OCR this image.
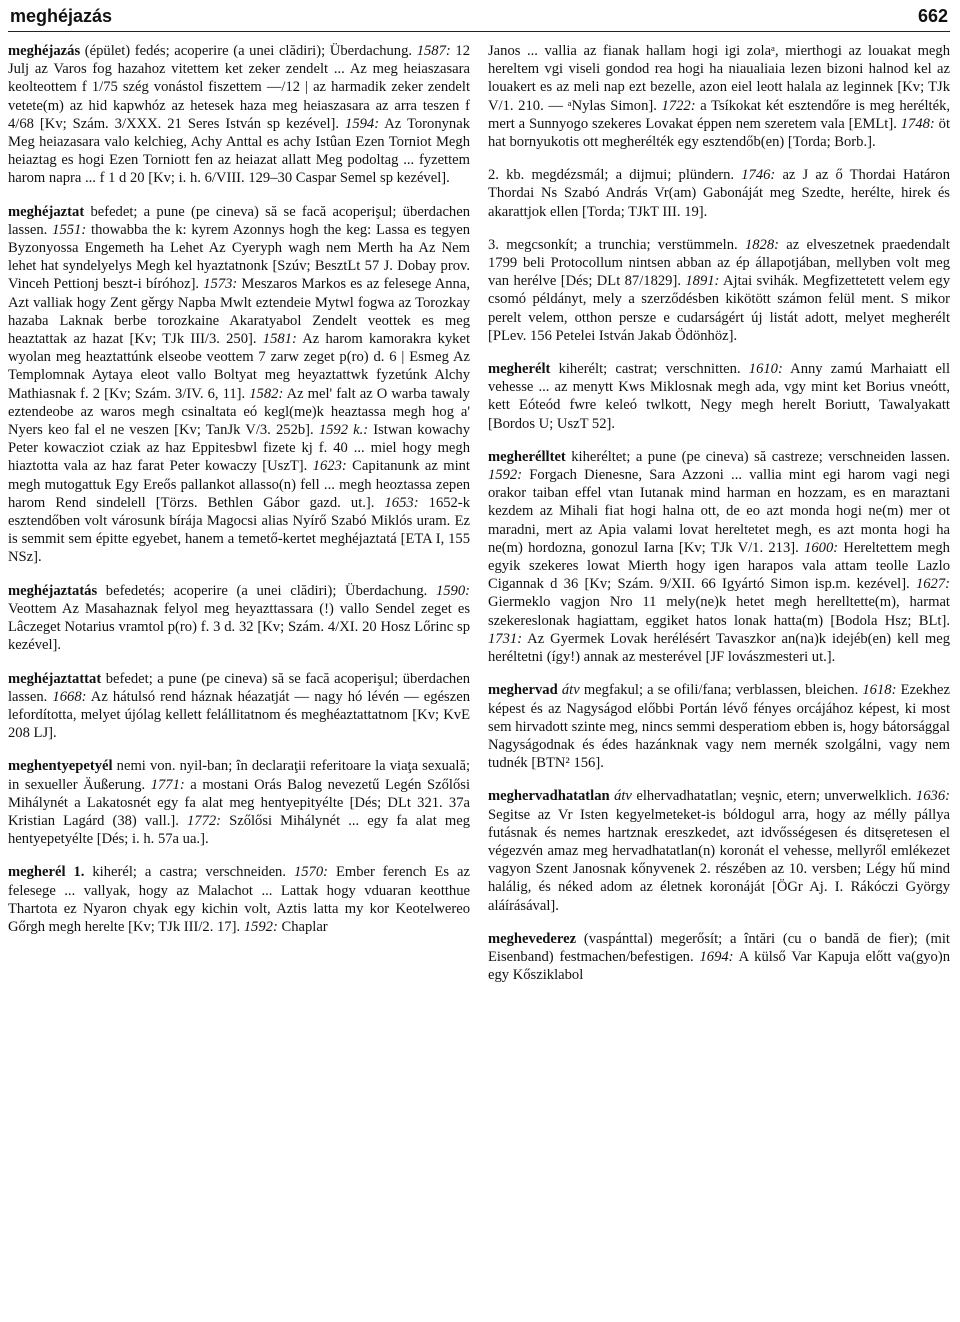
meghéjazás	662
meghéjazás (épület) fedés; acoperire (a unei clădiri); Überdachung. 1587: 12 Julj az Varos fog hazahoz vitettem ket zeker zendelt ... Az meg heiaszasara keolteottem f 1/75 szég vonástol fiszettem —/12 | az harmadik zeker zendelt vetete(m) az hid kapwhóz az hetesek haza meg heiaszasara az arra teszen f 4/68 [Kv; Szám. 3/XXX. 21 Seres István sp kezével]. 1594: Az Toronynak Meg heiazasara valo kelchieg, Achy Anttal es achy Istûan Ezen Torniot Megh heiaztag es hogi Ezen Torniott fen az heiazat allatt Meg podoltag ... fyzettem harom napra ... f 1 d 20 [Kv; i. h. 6/VIII. 129–30 Caspar Semel sp kezével].
meghéjaztat befedet; a pune (pe cineva) să se facă acoperişul; überdachen lassen. 1551: thowabba the k: kyrem Azonnys hogh the keg: Lassa es tegyen Byzonyossa Engemeth ha Lehet Az Cyeryph wagh nem Merth ha Az Nem lehet hat syndelyelys Megh kel hyaztatnonk [Szúv; BesztLt 57 J. Dobay prov. Vinceh Pettionj beszt-i bíróhoz]. 1573: Meszaros Markos es az felesege Anna, Azt valliak hogy Zent gěrgy Napba Mwlt eztendeie Mytwl fogwa az Torozkay hazaba Laknak berbe torozkaine Akaratyabol Zendelt veottek es meg heaztattak az hazat [Kv; TJk III/3. 250]. 1581: Az harom kamorakra kyket wyolan meg heaztattúnk elseobe veottem 7 zarw zeget p(ro) d. 6 | Esmeg Az Templomnak Aytaya eleot vallo Boltyat meg heyaztattwk fyzetúnk Alchy Mathiasnak f. 2 [Kv; Szám. 3/IV. 6, 11]. 1582: Az mel' falt az O warba tawaly eztendeobe az waros megh csinaltata eó kegl(me)k heaztassa megh hog a' Nyers keo fal el ne veszen [Kv; TanJk V/3. 252b]. 1592 k.: Istwan kowachy Peter kowacziot cziak az haz Eppitesbwl fizete kj f. 40 ... miel hogy megh hiaztotta vala az haz farat Peter kowaczy [UszT]. 1623: Capitanunk az mint megh mutogattuk Egy Ereős pallankot allasso(n) fell ... megh heoztassa zepen harom Rend sindelell [Törzs. Bethlen Gábor gazd. ut.]. 1653: 1652-k esztendőben volt városunk bírája Magocsi alias Nyírő Szabó Miklós uram. Ez is semmit sem épitte egyebet, hanem a temető-kertet meghéjaztatá [ETA I, 155 NSz].
meghéjaztatás befedetés; acoperire (a unei clădiri); Überdachung. 1590: Veottem Az Masahaznak felyol meg heyazttassara (!) vallo Sendel zeget es Lâczeget Notarius vramtol p(ro) f. 3 d. 32 [Kv; Szám. 4/XI. 20 Hosz Lőrinc sp kezével].
meghéjaztattat befedet; a pune (pe cineva) să se facă acoperişul; überdachen lassen. 1668: Az hátulsó rend háznak héazatját — nagy hó lévén — egészen lefordította, melyet újólag kellett felállitatnom és meghéaztattatnom [Kv; KvE 208 LJ].
meghentyepetyél nemi von. nyil-ban; în declaraţii referitoare la viaţa sexuală; in sexueller Äußerung. 1771: a mostani Orás Balog nevezetű Legén Szőlősi Mihálynét a Lakatosnét egy fa alat meg hentyepityélte [Dés; DLt 321. 37a Kristian Lagárd (38) vall.]. 1772: Szőlősi Mihálynét ... egy fa alat meg hentyepetyélte [Dés; i. h. 57a ua.].
megherél 1. kiherél; a castra; verschneiden. 1570: Ember ferench Es az felesege ... vallyak, hogy az Malachot ... Lattak hogy vduaran keotthue Thartota ez Nyaron chyak egy kichin volt, Aztis latta my kor Keotelwereo Gőrgh megh herelte [Kv; TJk III/2. 17]. 1592: Chaplar
Janos ... vallia az fianak hallam hogi igi zolaᵃ, mierthogi az louakat megh hereltem vgi viseli gondod rea hogi ha niaualiaia lezen bizoni halnod kel az louakert es az meli nap ezt bezelle, azon eiel leott halala az leginnek [Kv; TJk V/1. 210. — ᵃNylas Simon]. 1722: a Tsíkokat két esztendőre is meg herélték, mert a Sunnyogo szekeres Lovakat éppen nem szeretem vala [EMLt]. 1748: öt hat bornyukotis ott megherélték egy esztendőb(en) [Torda; Borb.].
2. kb. megdézsmál; a dijmui; plündern. 1746: az J az ő Thordai Határon Thordai Ns Szabó András Vr(am) Gabonáját meg Szedte, herélte, hirek és akarattjok ellen [Torda; TJkT III. 19].
3. megcsonkít; a trunchia; verstümmeln. 1828: az elveszetnek praedendalt 1799 beli Protocollum nintsen abban az ép állapotjában, mellyben volt meg van herélve [Dés; DLt 87/1829]. 1891: Ajtai svihák. Megfizettetett velem egy csomó példányt, mely a szerződésben kikötött számon felül ment. S mikor perelt velem, otthon persze e cudarságért új listát adott, melyet megherélt [PLev. 156 Petelei István Jakab Ödönhöz].
megherélt kiherélt; castrat; verschnitten. 1610: Anny zamú Marhaiatt ell vehesse ... az menytt Kws Miklosnak megh ada, vgy mint ket Borius vneótt, kett Eóteód fwre keleó twlkott, Negy megh herelt Boriutt, Tawalyakatt [Bordos U; UszT 52].
megherélltet kiheréltet; a pune (pe cineva) să castreze; verschneiden lassen. 1592: Forgach Dienesne, Sara Azzoni ... vallia mint egi harom vagi negi orakor taiban effel vtan Iutanak mind harman en hozzam, es en maraztani kezdem az Mihali fiat hogi halna ott, de eo azt monda hogi ne(m) mer ot maradni, mert az Apia valami lovat hereltetet megh, es azt monta hogi ha ne(m) hordozna, gonozul Iarna [Kv; TJk V/1. 213]. 1600: Hereltettem megh egyik szekeres lowat Mierth hogy igen harapos vala attam teolle Lazlo Cigannak d 36 [Kv; Szám. 9/XII. 66 Igyártó Simon isp.m. kezével]. 1627: Giermeklo vagjon Nro 11 mely(ne)k hetet megh herelltette(m), harmat szekereslonak hagiattam, eggiket hatos lonak hatta(m) [Bodola Hsz; BLt]. 1731: Az Gyermek Lovak herélésért Tavaszkor an(na)k idejéb(en) kell meg heréltetni (így!) annak az mesterével [JF lovászmesteri ut.].
meghervad átv megfakul; a se ofili/fana; verblassen, bleichen. 1618: Ezekhez képest és az Nagyságod előbbi Portán lévő fényes orcájához képest, ki most sem hirvadott szinte meg, nincs semmi desperatiom ebben is, hogy bátorsággal Nagyságodnak és édes hazánknak vagy nem mernék szolgálni, vagy nem tudnék [BTN² 156].
meghervadhatatlan átv elhervadhatatlan; veşnic, etern; unverwelklich. 1636: Segitse az Vr Isten kegyelmeteket-is bóldogul arra, hogy az mélly pállya futásnak és nemes hartznak ereszkedet, azt idvősségesen és ditsęretesen el végezvén amaz meg hervadhatatlan(n) koronát el vehesse, mellyről emlékezet vagyon Szent Janosnak kőnyvenek 2. részében az 10. versben; Légy hű mind halálig, és néked adom az életnek koronáját [ÖGr Aj. I. Rákóczi György aláírásával].
meghevederez (vaspánttal) megerősít; a întări (cu o bandă de fier); (mit Eisenband) festmachen/befestigen. 1694: A külső Var Kapuja előtt va(gyo)n egy Kősziklabol
